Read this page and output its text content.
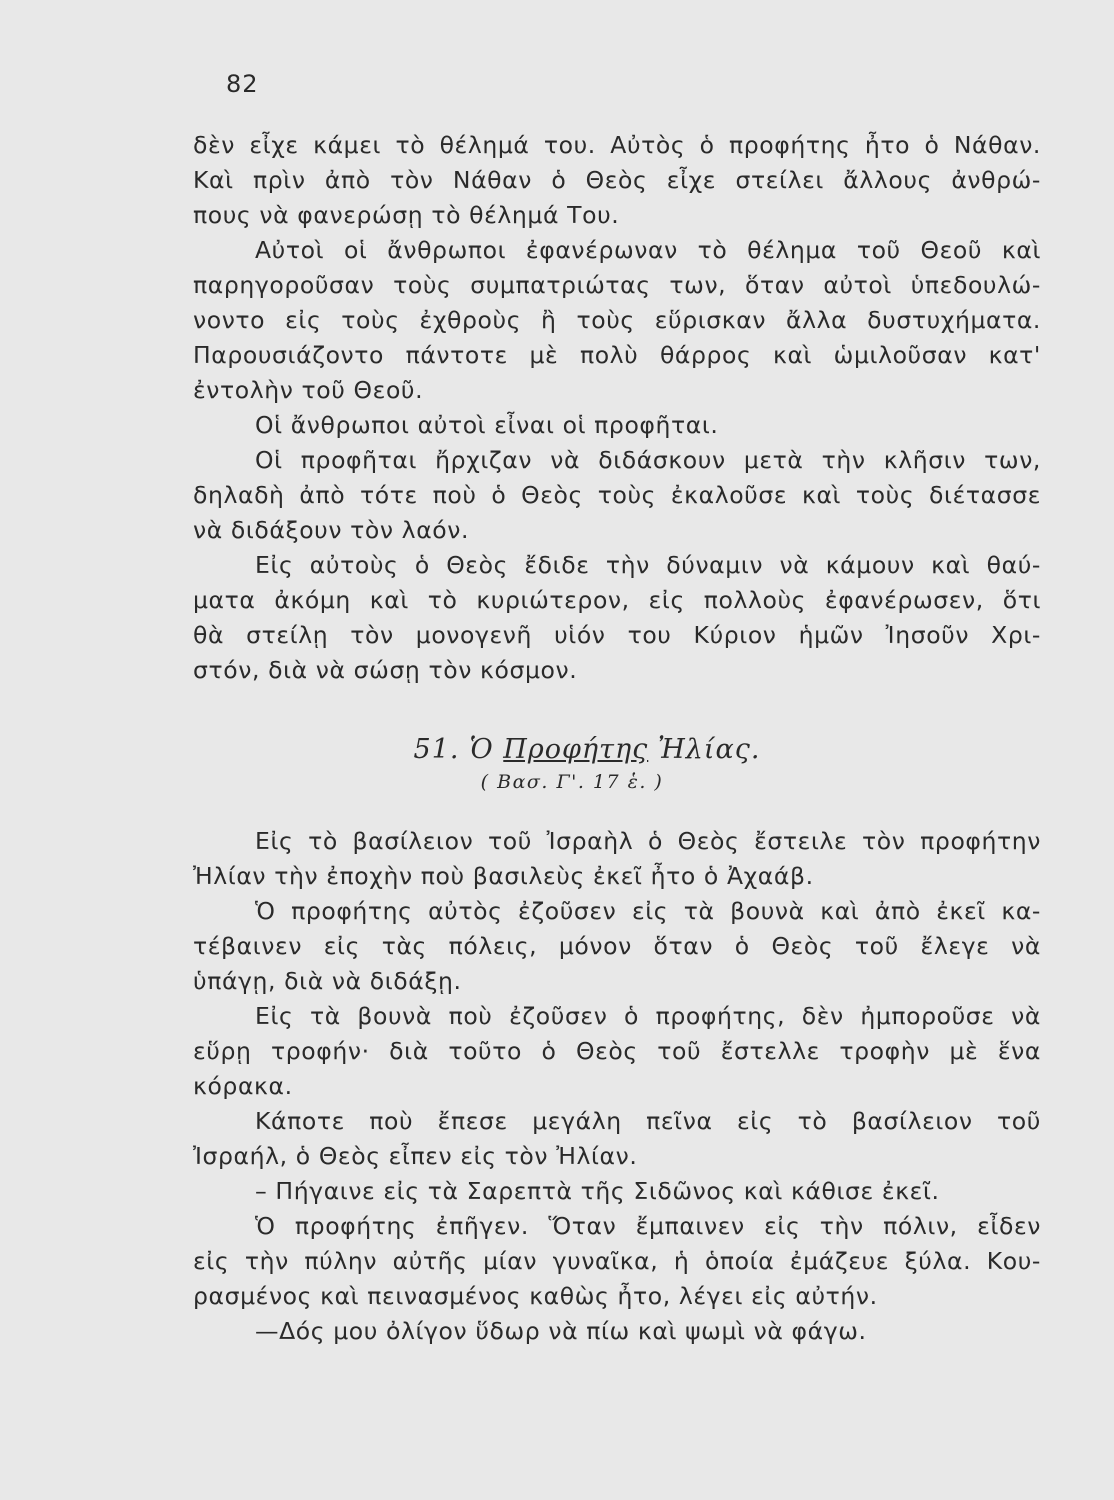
82
δὲν εἶχε κάμει τὸ θέλημά του. Αὐτὸς ὁ προφήτης ἦτο ὁ Νάθαν.
Καὶ πρὶν ἀπὸ τὸν Νάθαν ὁ Θεὸς εἶχε στείλει ἄλλους ἀνθρώ-
πους νὰ φανερώσῃ τὸ θέλημά Του.
Αὐτοὶ οἱ ἄνθρωποι ἐφανέρωναν τὸ θέλημα τοῦ Θεοῦ καὶ
παρηγοροῦσαν τοὺς συμπατριώτας των, ὅταν αὐτοὶ ὑπεδουλώ-
νοντο εἰς τοὺς ἐχθροὺς ἢ τοὺς εὕρισκαν ἄλλα δυστυχήματα.
Παρουσιάζοντο πάντοτε μὲ πολὺ θάρρος καὶ ὡμιλοῦσαν κατ'
ἐντολὴν τοῦ Θεοῦ.
Οἱ ἄνθρωποι αὐτοὶ εἶναι οἱ προφῆται.
Οἱ προφῆται ἤρχιζαν νὰ διδάσκουν μετὰ τὴν κλῆσιν των,
δηλαδὴ ἀπὸ τότε ποὺ ὁ Θεὸς τοὺς ἐκαλοῦσε καὶ τοὺς διέτασσε
νὰ διδάξουν τὸν λαόν.
Εἰς αὐτοὺς ὁ Θεὸς ἔδιδε τὴν δύναμιν νὰ κάμουν καὶ θαύ-
ματα ἀκόμη καὶ τὸ κυριώτερον, εἰς πολλοὺς ἐφανέρωσεν, ὅτι
θὰ στείλῃ τὸν μονογενῆ υἱόν του Κύριον ἡμῶν Ἰησοῦν Χρι-
στόν, διὰ νὰ σώσῃ τὸν κόσμον.
51. Ὁ Προφήτης Ἠλίας.
( Βασ. Γ'. 17 ἑ. )
Εἰς τὸ βασίλειον τοῦ Ἰσραὴλ ὁ Θεὸς ἔστειλε τὸν προφήτην
Ἠλίαν τὴν ἐποχὴν ποὺ βασιλεὺς ἐκεῖ ἦτο ὁ Ἀχαάβ.
Ὁ προφήτης αὐτὸς ἐζοῦσεν εἰς τὰ βουνὰ καὶ ἀπὸ ἐκεῖ κα-
τέβαινεν εἰς τὰς πόλεις, μόνον ὅταν ὁ Θεὸς τοῦ ἔλεγε νὰ
ὑπάγῃ, διὰ νὰ διδάξῃ.
Εἰς τὰ βουνὰ ποὺ ἐζοῦσεν ὁ προφήτης, δὲν ἠμποροῦσε νὰ
εὕρῃ τροφήν· διὰ τοῦτο ὁ Θεὸς τοῦ ἔστελλε τροφὴν μὲ ἕνα
κόρακα.
Κάποτε ποὺ ἔπεσε μεγάλη πεῖνα εἰς τὸ βασίλειον τοῦ
Ἰσραήλ, ὁ Θεὸς εἶπεν εἰς τὸν Ἠλίαν.
– Πήγαινε εἰς τὰ Σαρεπτὰ τῆς Σιδῶνος καὶ κάθισε ἐκεῖ.
Ὁ προφήτης ἐπῆγεν. Ὅταν ἔμπαινεν εἰς τὴν πόλιν, εἶδεν
εἰς τὴν πύλην αὐτῆς μίαν γυναῖκα, ἡ ὁποία ἐμάζευε ξύλα. Κου-
ρασμένος καὶ πεινασμένος καθὼς ἦτο, λέγει εἰς αὐτήν.
—Δός μου ὀλίγον ὕδωρ νὰ πίω καὶ ψωμὶ νὰ φάγω.
